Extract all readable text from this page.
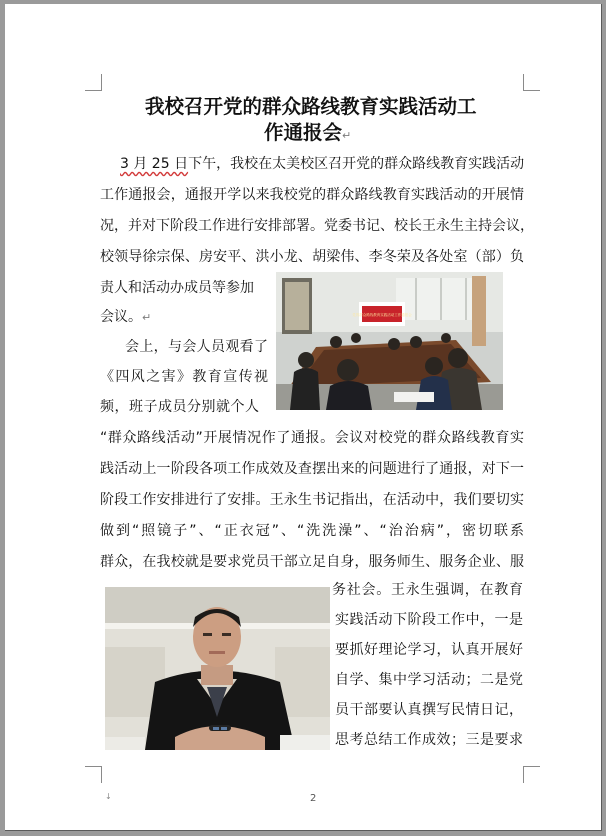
我校召开党的群众路线教育实践活动工
作通报会↵
3 月 25 日下午，我校在太美校区召开党的群众路线教育实践活动
工作通报会，通报开学以来我校党的群众路线教育实践活动的开展情
况，并对下阶段工作进行安排部署。党委书记、校长王永生主持会议，
校领导徐宗保、房安平、洪小龙、胡梁伟、李冬荣及各处室（部）负
责人和活动办成员等参加
会议。↵
会上，与会人员观看了
《四风之害》教育宣传视
频，班子成员分别就个人
“群众路线活动”开展情况作了通报。会议对校党的群众路线教育实
践活动上一阶段各项工作成效及查摆出来的问题进行了通报，对下一
阶段工作安排进行了安排。王永生书记指出，在活动中，我们要切实
做到“照镜子”、“正衣冠”、“洗洗澡”、“治治病”，密切联系
群众，在我校就是要求党员干部立足自身，服务师生、服务企业、服
务社会。王永生强调，在教育
实践活动下阶段工作中，一是
要抓好理论学习，认真开展好
自学、集中学习活动；二是党
员干部要认真撰写民情日记，
思考总结工作成效；三是要求
党的群众路线教育实践活动工作通报会
↓	2
